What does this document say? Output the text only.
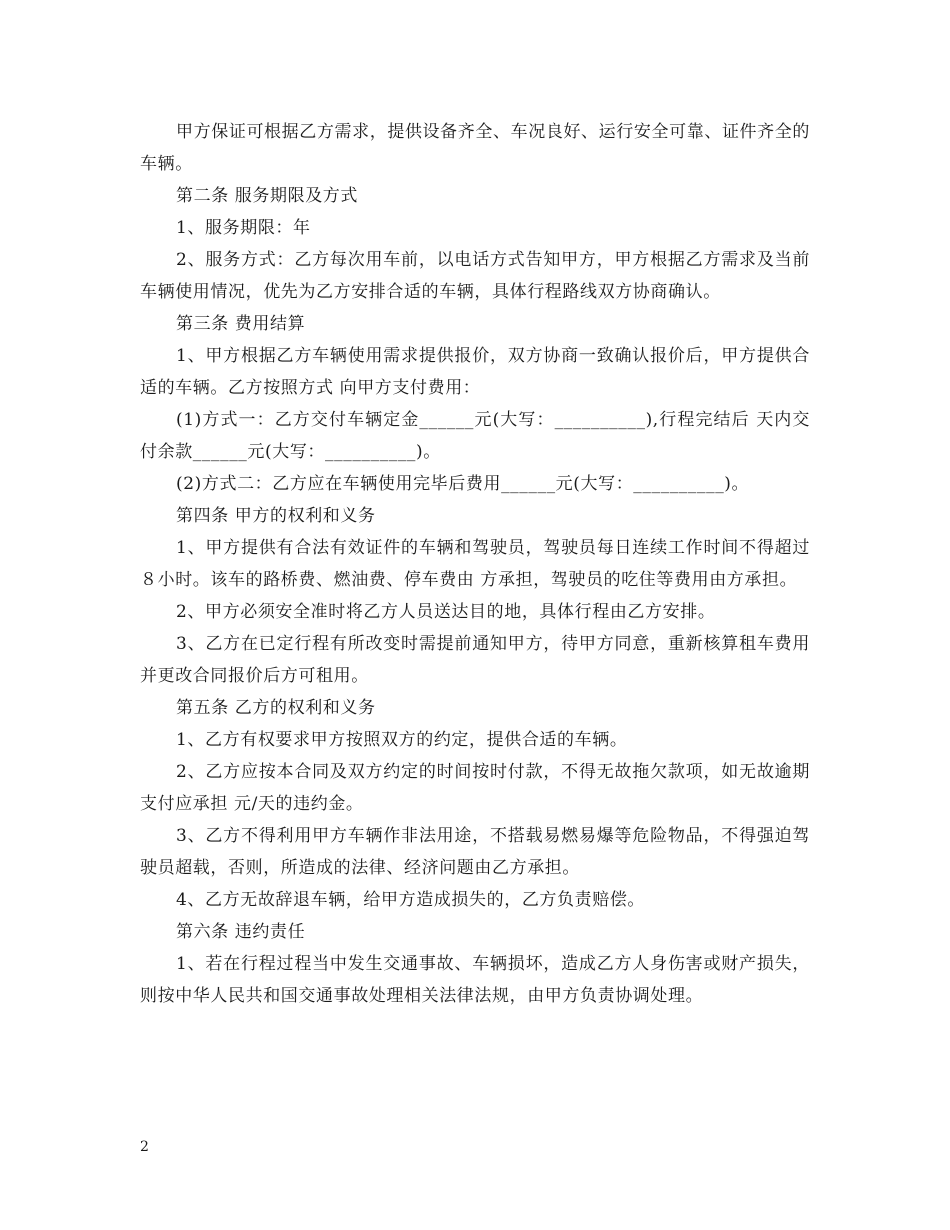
甲方保证可根据乙方需求，提供设备齐全、车况良好、运行安全可靠、证件齐全的车辆。

第二条 服务期限及方式

1、服务期限：年

2、服务方式：乙方每次用车前，以电话方式告知甲方，甲方根据乙方需求及当前车辆使用情况，优先为乙方安排合适的车辆，具体行程路线双方协商确认。

第三条 费用结算

1、甲方根据乙方车辆使用需求提供报价，双方协商一致确认报价后，甲方提供合适的车辆。乙方按照方式 向甲方支付费用：

(1)方式一：乙方交付车辆定金______元(大写：__________),行程完结后 天内交付余款______元(大写：__________)。

(2)方式二：乙方应在车辆使用完毕后费用______元(大写：__________)。

第四条 甲方的权利和义务

1、甲方提供有合法有效证件的车辆和驾驶员，驾驶员每日连续工作时间不得超过８小时。该车的路桥费、燃油费、停车费由 方承担，驾驶员的吃住等费用由方承担。

2、甲方必须安全准时将乙方人员送达目的地，具体行程由乙方安排。

3、乙方在已定行程有所改变时需提前通知甲方，待甲方同意，重新核算租车费用并更改合同报价后方可租用。

第五条 乙方的权利和义务

1、乙方有权要求甲方按照双方的约定，提供合适的车辆。

2、乙方应按本合同及双方约定的时间按时付款，不得无故拖欠款项，如无故逾期支付应承担 元/天的违约金。

3、乙方不得利用甲方车辆作非法用途，不搭载易燃易爆等危险物品，不得强迫驾驶员超载，否则，所造成的法律、经济问题由乙方承担。

4、乙方无故辞退车辆，给甲方造成损失的，乙方负责赔偿。

第六条 违约责任

1、若在行程过程当中发生交通事故、车辆损坏，造成乙方人身伤害或财产损失，则按中华人民共和国交通事故处理相关法律法规，由甲方负责协调处理。

2
